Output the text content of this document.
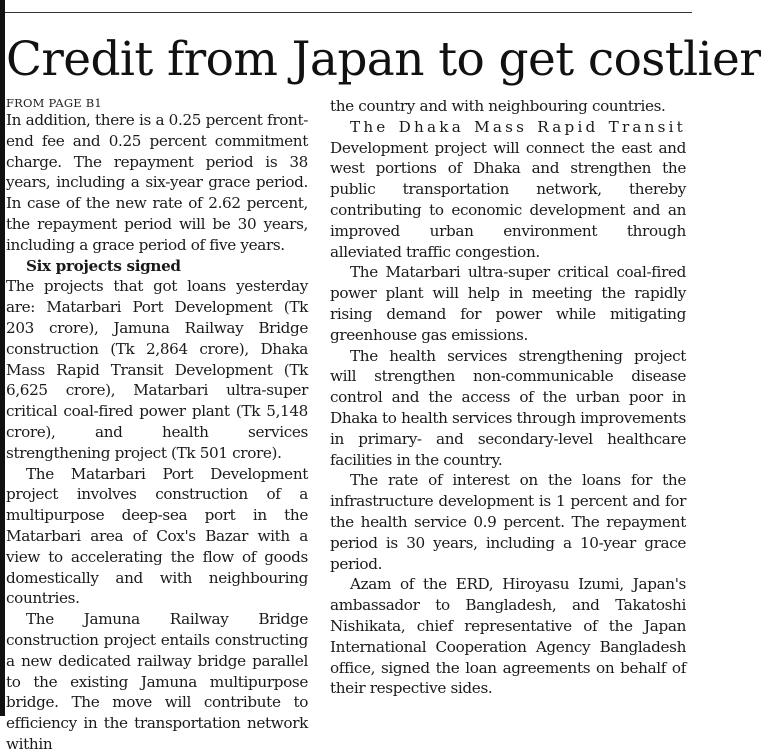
Credit from Japan to get costlier
FROM PAGE B1

In addition, there is a 0.25 percent front-end fee and 0.25 percent commitment charge. The repayment period is 38 years, including a six-year grace period. In case of the new rate of 2.62 percent, the repayment period will be 30 years, including a grace period of five years.

Six projects signed

The projects that got loans yesterday are: Matarbari Port Development (Tk 203 crore), Jamuna Railway Bridge construction (Tk 2,864 crore), Dhaka Mass Rapid Transit Development (Tk 6,625 crore), Matarbari ultra-super critical coal-fired power plant (Tk 5,148 crore), and health services strengthening project (Tk 501 crore).

The Matarbari Port Development project involves construction of a multipurpose deep-sea port in the Matarbari area of Cox's Bazar with a view to accelerating the flow of goods domestically and with neighbouring countries.

The Jamuna Railway Bridge construction project entails constructing a new dedicated railway bridge parallel to the existing Jamuna multipurpose bridge. The move will contribute to efficiency in the transportation network within

the country and with neighbouring countries.

The Dhaka Mass Rapid Transit Development project will connect the east and west portions of Dhaka and strengthen the public transportation network, thereby contributing to economic development and an improved urban environment through alleviated traffic congestion.

The Matarbari ultra-super critical coal-fired power plant will help in meeting the rapidly rising demand for power while mitigating greenhouse gas emissions.

The health services strengthening project will strengthen non-communicable disease control and the access of the urban poor in Dhaka to health services through improvements in primary- and secondary-level healthcare facilities in the country.

The rate of interest on the loans for the infrastructure development is 1 percent and for the health service 0.9 percent. The repayment period is 30 years, including a 10-year grace period.

Azam of the ERD, Hiroyasu Izumi, Japan's ambassador to Bangladesh, and Takatoshi Nishikata, chief representative of the Japan International Cooperation Agency Bangladesh office, signed the loan agreements on behalf of their respective sides.
